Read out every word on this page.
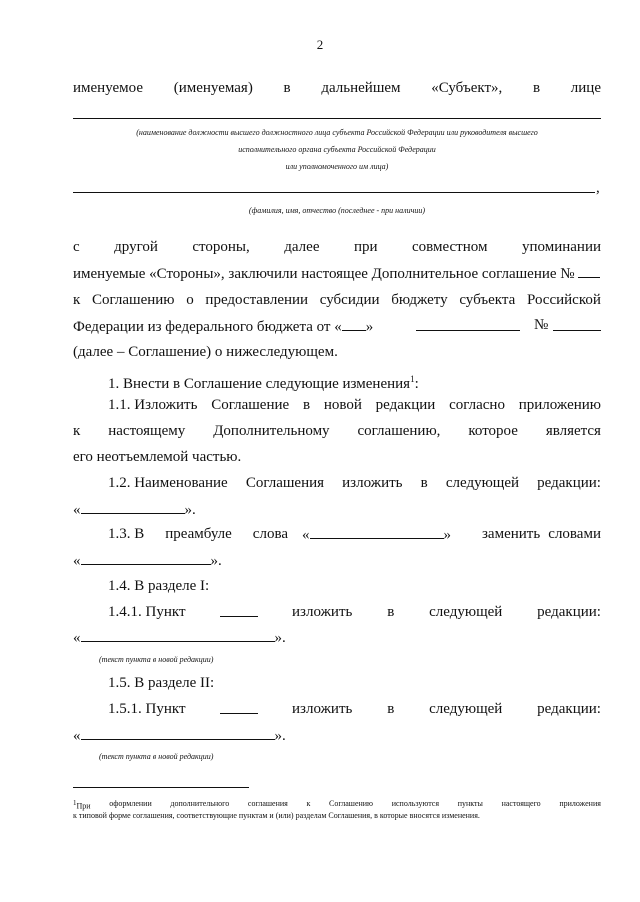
2
именуемое (именуемая) в дальнейшем «Субъект», в лице
(наименование должности высшего должностного лица субъекта Российской Федерации или руководителя высшего
исполнительного органа субъекта Российской Федерации
или уполномоченного им лица)
,
(фамилия, имя, отчество (последнее - при наличии)
с другой стороны, далее при совместном упоминании
именуемые «Стороны», заключили настоящее Дополнительное соглашение №
к Соглашению о предоставлении субсидии бюджету субъекта Российской
Федерации из федерального бюджета от « »	№
(далее – Соглашение) о нижеследующем.
1. Внести в Соглашение следующие изменения$^1$:
1.1. Изложить Соглашение в новой редакции согласно приложению
к настоящему Дополнительному соглашению, которое является
его неотъемлемой частью.
1.2. Наименование Соглашения изложить в следующей редакции:
«	».
1.3. В преамбуле слова «	» заменить словами
«	».
1.4. В разделе I:
1.4.1. Пункт	изложить в следующей редакции:
«	».
(текст пункта в новой редакции)
1.5. В разделе II:
1.5.1. Пункт	изложить в следующей редакции:
«	».
(текст пункта в новой редакции)
$^1$При оформлении дополнительного соглашения к Соглашению используются пункты настоящего приложения
к типовой форме соглашения, соответствующие пунктам и (или) разделам Соглашения, в которые вносятся изменения.
